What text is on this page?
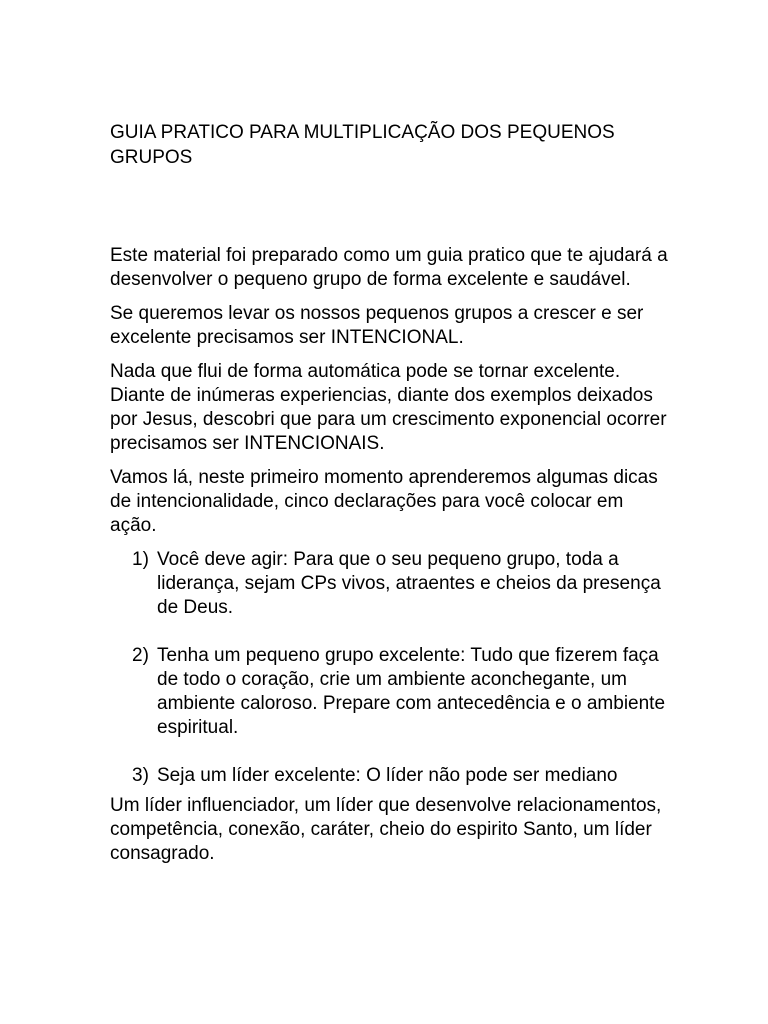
GUIA PRATICO PARA MULTIPLICAÇÃO DOS PEQUENOS GRUPOS

Este material foi preparado como um guia pratico que te ajudará a desenvolver o pequeno grupo de forma excelente e saudável.

Se queremos levar os nossos pequenos grupos a crescer e ser excelente precisamos ser INTENCIONAL.

Nada que flui de forma automática pode se tornar excelente. Diante de inúmeras experiencias, diante dos exemplos deixados por Jesus, descobri que para um crescimento exponencial ocorrer precisamos ser INTENCIONAIS.

Vamos lá, neste primeiro momento aprenderemos algumas dicas de intencionalidade, cinco declarações para você colocar em ação.

1) Você deve agir: Para que o seu pequeno grupo, toda a liderança, sejam CPs vivos, atraentes e cheios da presença de Deus.
2) Tenha um pequeno grupo excelente: Tudo que fizerem faça de todo o coração, crie um ambiente aconchegante, um ambiente caloroso. Prepare com antecedência e o ambiente espiritual.
3) Seja um líder excelente: O líder não pode ser mediano

Um líder influenciador, um líder que desenvolve relacionamentos, competência, conexão, caráter, cheio do espirito Santo, um líder consagrado.
